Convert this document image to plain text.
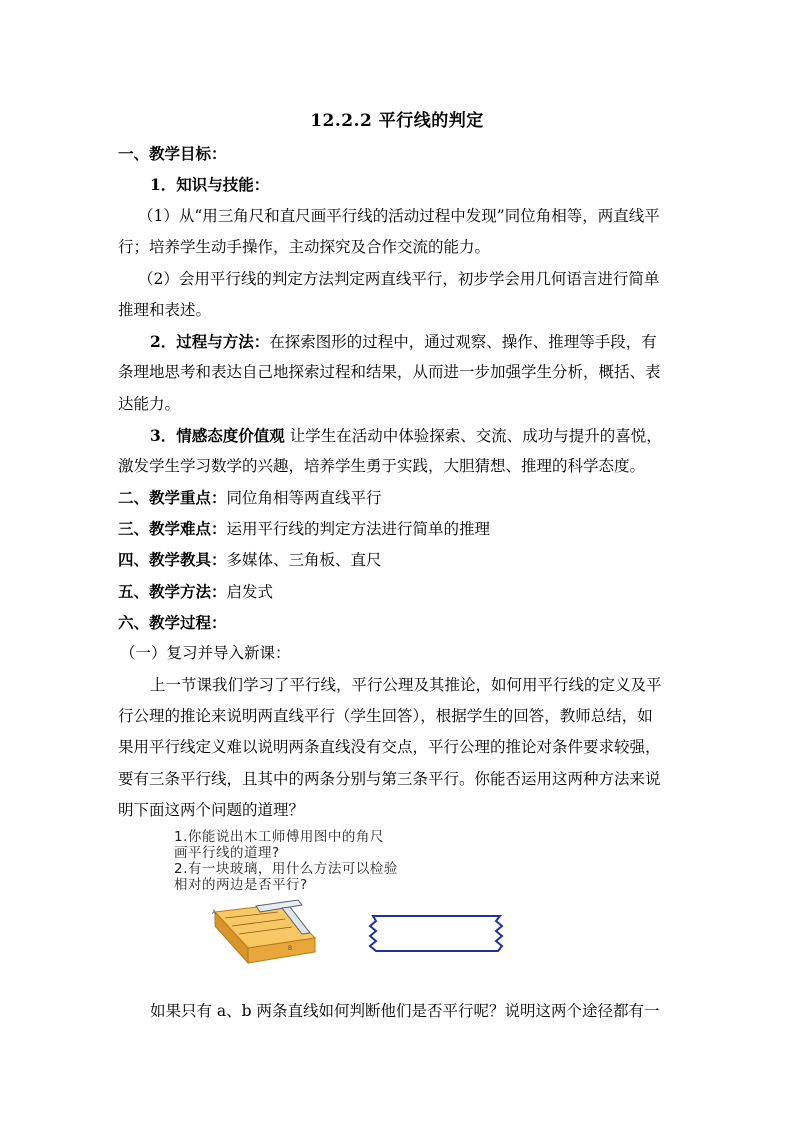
12.2.2 平行线的判定
一、教学目标：
1．知识与技能：
（1）从“用三角尺和直尺画平行线的活动过程中发现”同位角相等，两直线平
行；培养学生动手操作，主动探究及合作交流的能力。
（2）会用平行线的判定方法判定两直线平行，初步学会用几何语言进行简单
推理和表述。
2．过程与方法：在探索图形的过程中，通过观察、操作、推理等手段，有
条理地思考和表达自己地探索过程和结果，从而进一步加强学生分析，概括、表
达能力。
3．情感态度价值观 让学生在活动中体验探索、交流、成功与提升的喜悦，
激发学生学习数学的兴趣，培养学生勇于实践，大胆猜想、推理的科学态度。
二、教学重点：同位角相等两直线平行
三、教学难点：运用平行线的判定方法进行简单的推理
四、教学教具：多媒体、三角板、直尺
五、教学方法：启发式
六、教学过程：
（一）复习并导入新课：
上一节课我们学习了平行线，平行公理及其推论，如何用平行线的定义及平
行公理的推论来说明两直线平行（学生回答），根据学生的回答，教师总结，如
果用平行线定义难以说明两条直线没有交点，平行公理的推论对条件要求较强，
要有三条平行线，且其中的两条分别与第三条平行。你能否运用这两种方法来说
明下面这两个问题的道理？
1.你能说出木工师傅用图中的角尺
画平行线的道理?
2.有一块玻璃，用什么方法可以检验
相对的两边是否平行?
A
B
如果只有 a、b 两条直线如何判断他们是否平行呢？说明这两个途径都有一
